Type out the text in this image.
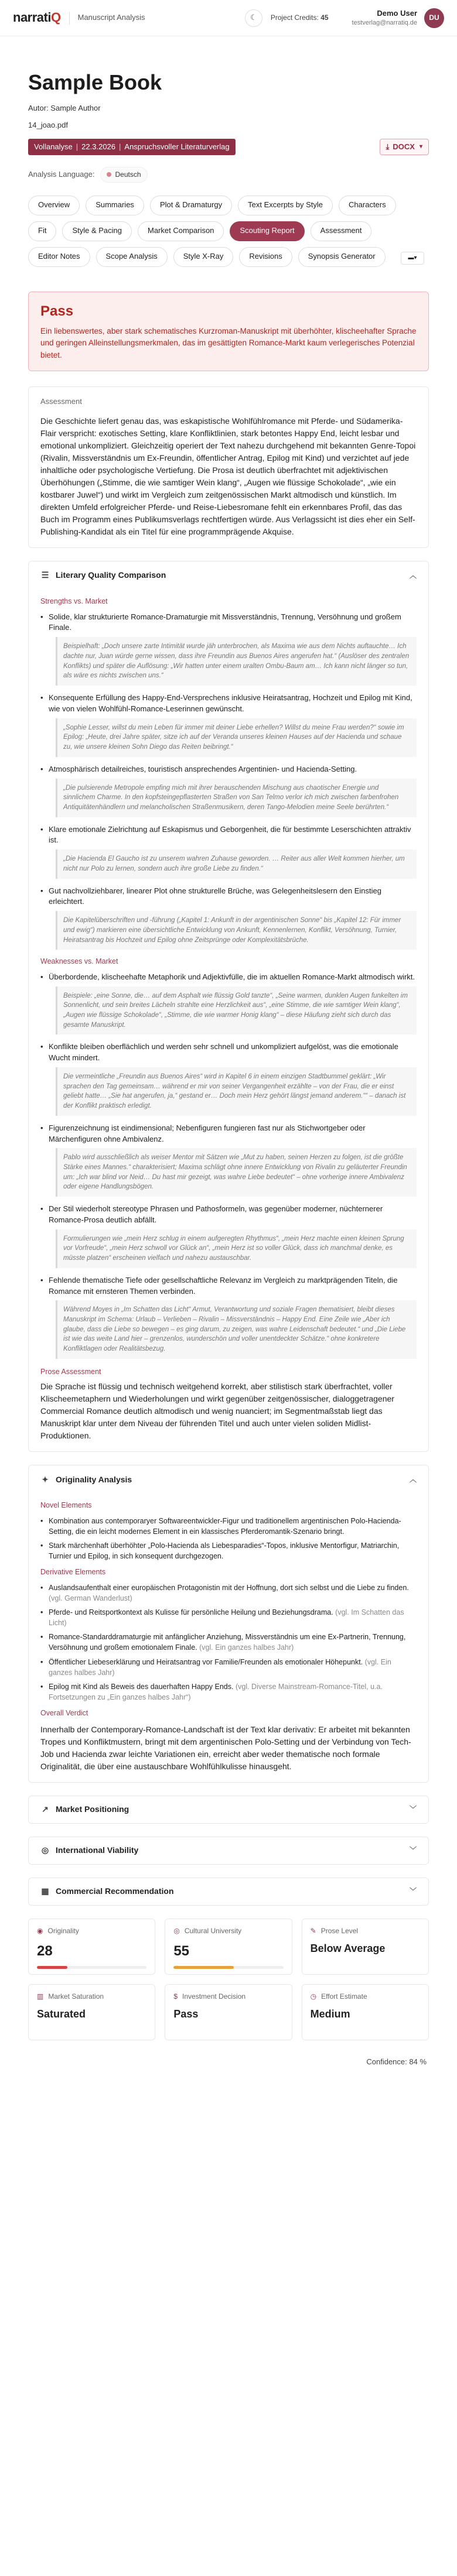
narrati Q Manuscript Analysis	☾ Project Credits: 45
Demo User
testverlag@narratiq.de
DU
Sample Book
Autor: Sample Author
14_joao.pdf
Vollanalyse | 22.3.2026 | Anspruchsvoller Literaturverlag	⤓ DOCX ▾
Analysis Language:	Deutsch
Overview	Summaries	Plot & Dramaturgy	Text Excerpts by Style	Characters
Fit	Style & Pacing	Market Comparison	Scouting Report	Assessment
Editor Notes	Scope Analysis	Style X-Ray	Revisions	Synopsis Generator	▬▾
Pass
Ein liebenswertes, aber stark schematisches Kurzroman-Manuskript mit überhöhter, klischeehafter Sprache und geringen Alleinstellungsmerkmalen, das im gesättigten Romance-Markt kaum verlegerisches Potenzial bietet.
Assessment
Die Geschichte liefert genau das, was eskapistische Wohlfühlromance mit Pferde- und Südamerika-Flair verspricht: exotisches Setting, klare Konfliktlinien, stark betontes Happy End, leicht lesbar und emotional unkompliziert. Gleichzeitig operiert der Text nahezu durchgehend mit bekannten Genre-Topoi (Rivalin, Missverständnis um Ex-Freundin, öffentlicher Antrag, Epilog mit Kind) und verzichtet auf jede inhaltliche oder psychologische Vertiefung. Die Prosa ist deutlich überfrachtet mit adjektivischen Überhöhungen („Stimme, die wie samtiger Wein klang“, „Augen wie flüssige Schokolade“, „wie ein kostbarer Juwel“) und wirkt im Vergleich zum zeitgenössischen Markt altmodisch und künstlich. Im direkten Umfeld erfolgreicher Pferde- und Reise-Liebesromane fehlt ein erkennbares Profil, das das Buch im Programm eines Publikumsverlags rechtfertigen würde. Aus Verlagssicht ist dies eher ein Self-Publishing-Kandidat als ein Titel für eine programmprägende Akquise.
☰ Literary Quality Comparison	︿
Strengths vs. Market
• Solide, klar strukturierte Romance-Dramaturgie mit Missverständnis, Trennung, Versöhnung und großem Finale.
Beispielhaft: „Doch unsere zarte Intimität wurde jäh unterbrochen, als Maxima wie aus dem Nichts auftauchte… Ich dachte nur, Juan würde gerne wissen, dass ihre Freundin aus Buenos Aires angerufen hat.“ (Auslöser des zentralen Konflikts) und später die Auflösung: „Wir hatten unter einem uralten Ombu-Baum am… Ich kann nicht länger so tun, als wäre es nichts zwischen uns.“
• Konsequente Erfüllung des Happy-End-Versprechens inklusive Heiratsantrag, Hochzeit und Epilog mit Kind, wie von vielen Wohlfühl-Romance-Leserinnen gewünscht.
„Sophie Lesser, willst du mein Leben für immer mit deiner Liebe erhellen? Willst du meine Frau werden?“ sowie im Epilog: „Heute, drei Jahre später, sitze ich auf der Veranda unseres kleinen Hauses auf der Hacienda und schaue zu, wie unsere kleinen Sohn Diego das Reiten beibringt.“
• Atmosphärisch detailreiches, touristisch ansprechendes Argentinien- und Hacienda-Setting.
„Die pulsierende Metropole empfing mich mit ihrer berauschenden Mischung aus chaotischer Energie und sinnlichem Charme. In den kopfsteingepflasterten Straßen von San Telmo verlor ich mich zwischen farbenfrohen Antiquitätenhändlern und melancholischen Straßenmusikern, deren Tango-Melodien meine Seele berührten.“
• Klare emotionale Zielrichtung auf Eskapismus und Geborgenheit, die für bestimmte Leserschichten attraktiv ist.
„Die Hacienda El Gaucho ist zu unserem wahren Zuhause geworden. … Reiter aus aller Welt kommen hierher, um nicht nur Polo zu lernen, sondern auch ihre große Liebe zu finden.“
• Gut nachvollziehbarer, linearer Plot ohne strukturelle Brüche, was Gelegenheitslesern den Einstieg erleichtert.
Die Kapitelüberschriften und -führung („Kapitel 1: Ankunft in der argentinischen Sonne“ bis „Kapitel 12: Für immer und ewig“) markieren eine übersichtliche Entwicklung von Ankunft, Kennenlernen, Konflikt, Versöhnung, Turnier, Heiratsantrag bis Hochzeit und Epilog ohne Zeitsprünge oder Komplexitätsbrüche.
Weaknesses vs. Market
• Überbordende, klischeehafte Metaphorik und Adjektivfülle, die im aktuellen Romance-Markt altmodisch wirkt.
Beispiele: „eine Sonne, die… auf dem Asphalt wie flüssig Gold tanzte“, „Seine warmen, dunklen Augen funkelten im Sonnenlicht, und sein breites Lächeln strahlte eine Herzlichkeit aus“, „eine Stimme, die wie samtiger Wein klang“, „Augen wie flüssige Schokolade“, „Stimme, die wie warmer Honig klang“ – diese Häufung zieht sich durch das gesamte Manuskript.
• Konflikte bleiben oberflächlich und werden sehr schnell und unkompliziert aufgelöst, was die emotionale Wucht mindert.
Die vermeintliche „Freundin aus Buenos Aires“ wird in Kapitel 6 in einem einzigen Stadtbummel geklärt: „Wir sprachen den Tag gemeinsam… während er mir von seiner Vergangenheit erzählte – von der Frau, die er einst geliebt hatte… „Sie hat angerufen, ja,“ gestand er… Doch mein Herz gehört längst jemand anderem.““ – danach ist der Konflikt praktisch erledigt.
• Figurenzeichnung ist eindimensional; Nebenfiguren fungieren fast nur als Stichwortgeber oder Märchenfiguren ohne Ambivalenz.
Pablo wird ausschließlich als weiser Mentor mit Sätzen wie „Mut zu haben, seinen Herzen zu folgen, ist die größte Stärke eines Mannes.“ charakterisiert; Maxima schlägt ohne innere Entwicklung von Rivalin zu geläuterter Freundin um: „Ich war blind vor Neid… Du hast mir gezeigt, was wahre Liebe bedeutet“ – ohne vorherige innere Ambivalenz oder eigene Handlungsbögen.
• Der Stil wiederholt stereotype Phrasen und Pathosformeln, was gegenüber moderner, nüchternerer Romance-Prosa deutlich abfällt.
Formulierungen wie „mein Herz schlug in einem aufgeregten Rhythmus“, „mein Herz machte einen kleinen Sprung vor Vorfreude“, „mein Herz schwoll vor Glück an“, „mein Herz ist so voller Glück, dass ich manchmal denke, es müsste platzen“ erscheinen vielfach und nahezu austauschbar.
• Fehlende thematische Tiefe oder gesellschaftliche Relevanz im Vergleich zu marktprägenden Titeln, die Romance mit ernsteren Themen verbinden.
Während Moyes in „Im Schatten das Licht“ Armut, Verantwortung und soziale Fragen thematisiert, bleibt dieses Manuskript im Schema: Urlaub – Verlieben – Rivalin – Missverständnis – Happy End. Eine Zeile wie „Aber ich glaube, dass die Liebe so bewegen – es ging darum, zu zeigen, was wahre Leidenschaft bedeutet.“ und „Die Liebe ist wie das weite Land hier – grenzenlos, wunderschön und voller unentdeckter Schätze.“ ohne konkretere Konfliktlagen oder Realitätsbezug.
Prose Assessment
Die Sprache ist flüssig und technisch weitgehend korrekt, aber stilistisch stark überfrachtet, voller Klischeemetaphern und Wiederholungen und wirkt gegenüber zeitgenössischer, dialoggetragener Commercial Romance deutlich altmodisch und wenig nuanciert; im Segmentmaßstab liegt das Manuskript klar unter dem Niveau der führenden Titel und auch unter vielen soliden Midlist-Produktionen.
✦ Originality Analysis	︿
Novel Elements
• Kombination aus contemporaryer Softwareentwickler-Figur und traditionellem argentinischen Polo-Hacienda-Setting, die ein leicht modernes Element in ein klassisches Pferderomantik-Szenario bringt.
• Stark märchenhaft überhöhter „Polo-Hacienda als Liebesparadies“-Topos, inklusive Mentorfigur, Matriarchin, Turnier und Epilog, in sich konsequent durchgezogen.
Derivative Elements
• Auslandsaufenthalt einer europäischen Protagonistin mit der Hoffnung, dort sich selbst und die Liebe zu finden. (vgl. German Wanderlust)
• Pferde- und Reitsportkontext als Kulisse für persönliche Heilung und Beziehungsdrama. (vgl. Im Schatten das Licht)
• Romance-Standarddramaturgie mit anfänglicher Anziehung, Missverständnis um eine Ex-Partnerin, Trennung, Versöhnung und großem emotionalem Finale. (vgl. Ein ganzes halbes Jahr)
• Öffentlicher Liebeserklärung und Heiratsantrag vor Familie/Freunden als emotionaler Höhepunkt. (vgl. Ein ganzes halbes Jahr)
• Epilog mit Kind als Beweis des dauerhaften Happy Ends. (vgl. Diverse Mainstream-Romance-Titel, u.a. Fortsetzungen zu „Ein ganzes halbes Jahr“)
Overall Verdict
Innerhalb der Contemporary-Romance-Landschaft ist der Text klar derivativ: Er arbeitet mit bekannten Tropes und Konfliktmustern, bringt mit dem argentinischen Polo-Setting und der Verbindung von Tech-Job und Hacienda zwar leichte Variationen ein, erreicht aber weder thematische noch formale Originalität, die über eine austauschbare Wohlfühlkulisse hinausgeht.
↗ Market Positioning	﹀
◎ International Viability	﹀
▦ Commercial Recommendation	﹀
◉ Originality
28
◎ Cultural University
55
✎ Prose Level
Below Average
▥ Market Saturation
Saturated
$ Investment Decision
Pass
◷ Effort Estimate
Medium
Confidence: 84 %
